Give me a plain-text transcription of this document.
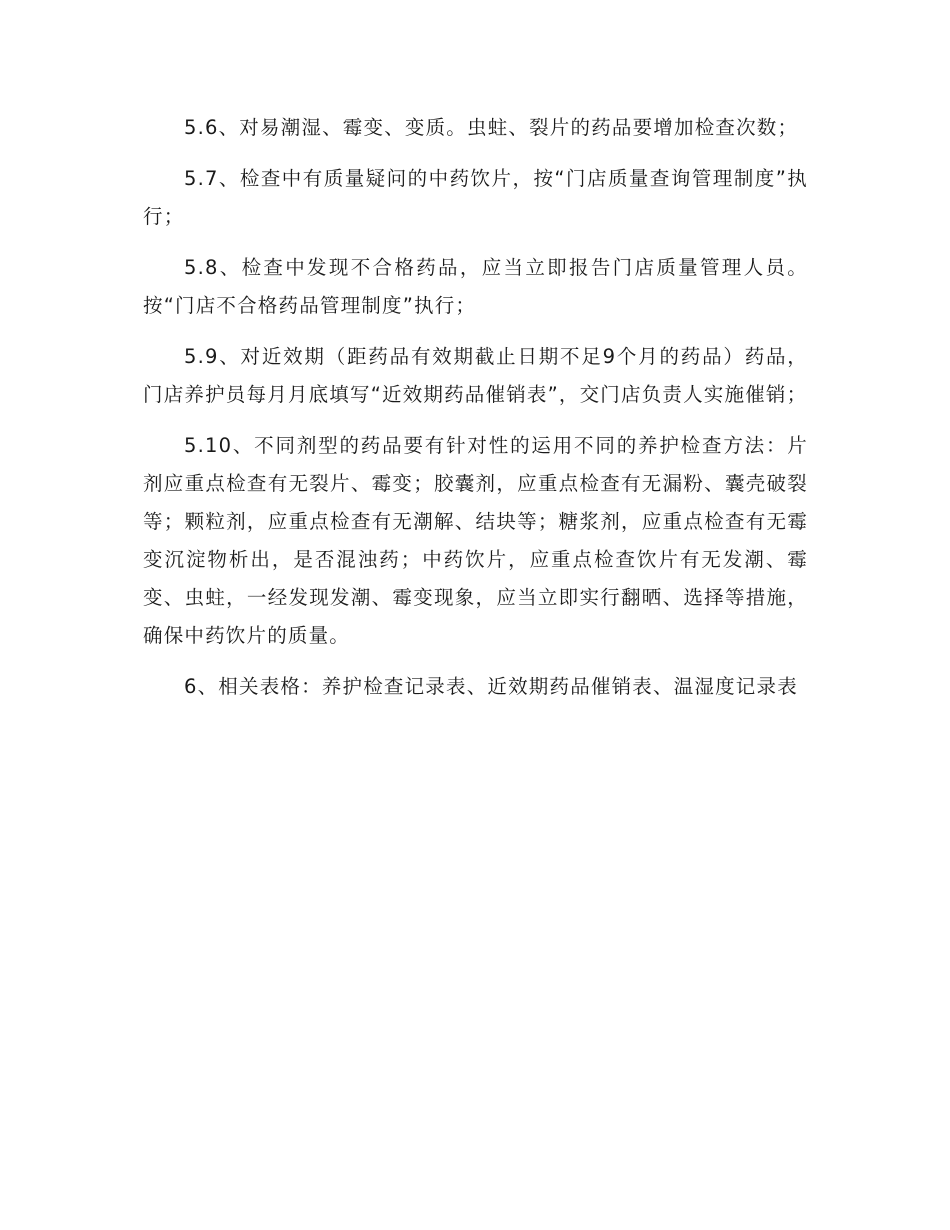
5.6、对易潮湿、霉变、变质。虫蛀、裂片的药品要增加检查次数；

5.7、检查中有质量疑问的中药饮片，按“门店质量查询管理制度”执行；

5.8、检查中发现不合格药品，应当立即报告门店质量管理人员。按“门店不合格药品管理制度”执行；

5.9、对近效期（距药品有效期截止日期不足9个月的药品）药品，门店养护员每月月底填写“近效期药品催销表”，交门店负责人实施催销；

5.10、不同剂型的药品要有针对性的运用不同的养护检查方法：片剂应重点检查有无裂片、霉变；胶囊剂，应重点检查有无漏粉、囊壳破裂等；颗粒剂，应重点检查有无潮解、结块等；糖浆剂，应重点检查有无霉变沉淀物析出，是否混浊药；中药饮片，应重点检查饮片有无发潮、霉变、虫蛀，一经发现发潮、霉变现象，应当立即实行翻晒、选择等措施，确保中药饮片的质量。

6、相关表格：养护检查记录表、近效期药品催销表、温湿度记录表
